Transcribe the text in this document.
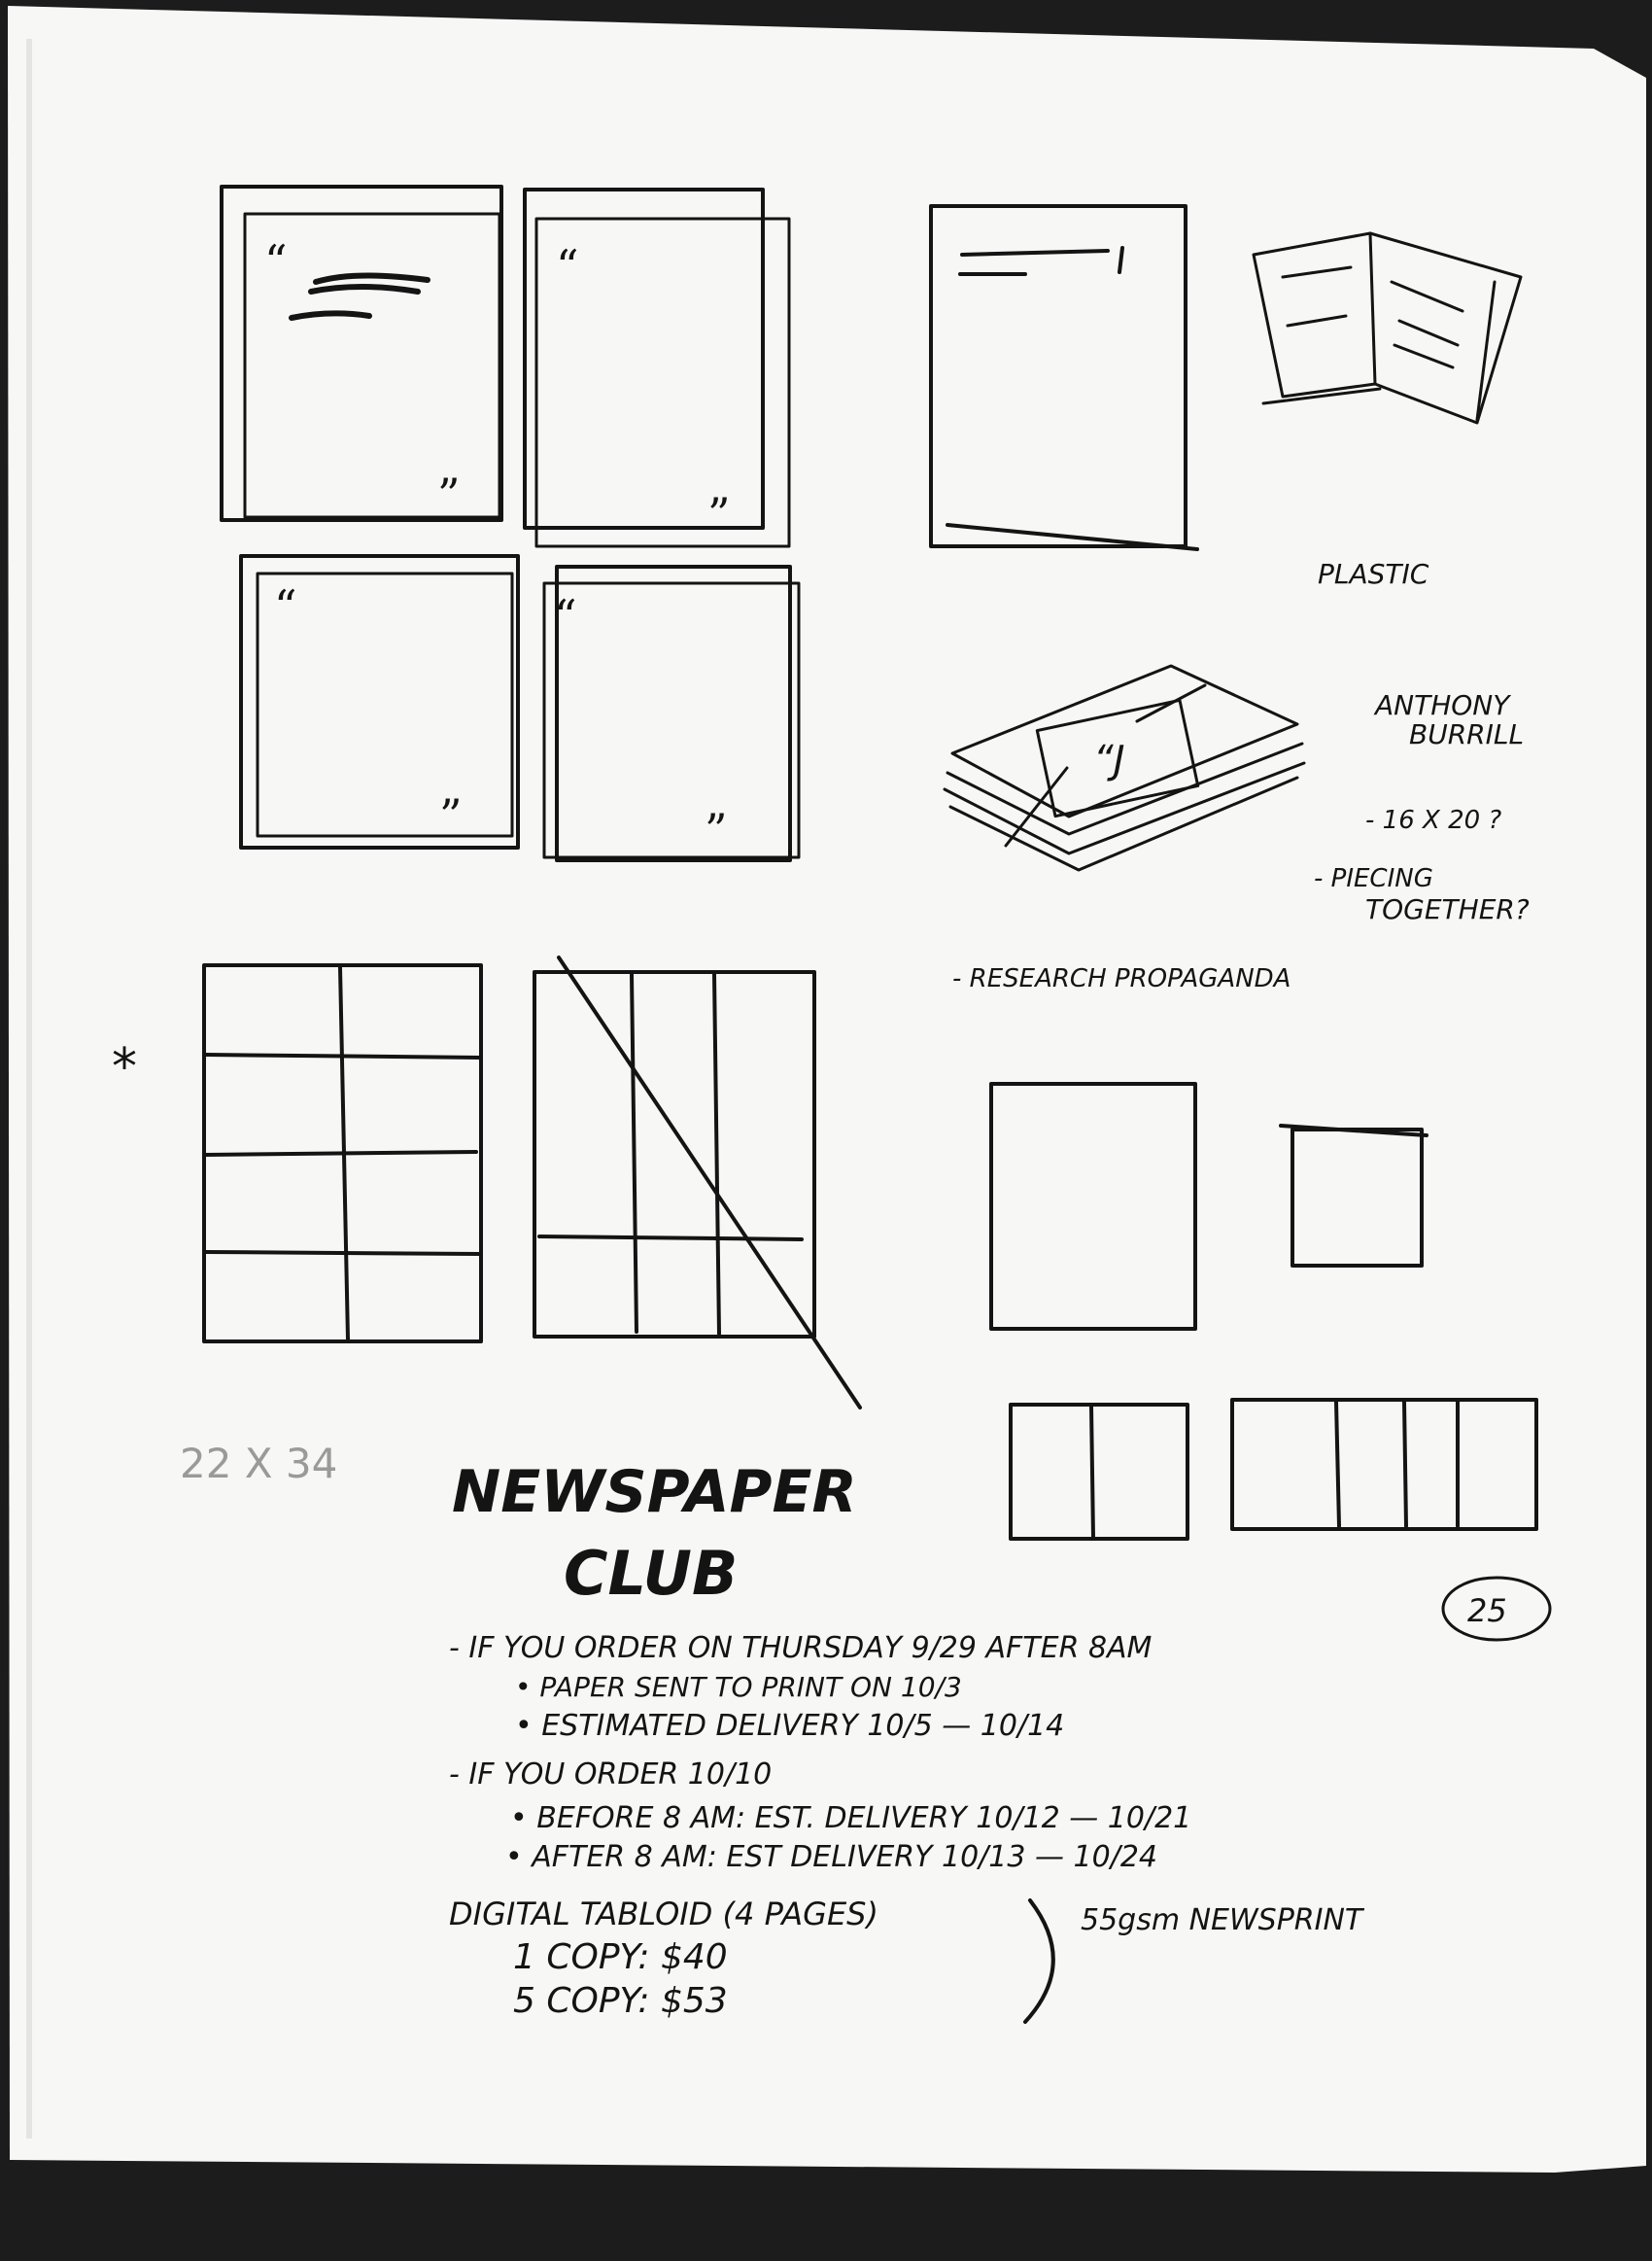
“
”
“
”
“
”
“
”
PLASTIC
“J
ANTHONY
BURRILL
- 16 X 20 ?
- PIECING
TOGETHER?
- RESEARCH PROPAGANDA
*
22 X 34 NEWSPAPER
CLUB
25
- IF YOU ORDER ON THURSDAY 9/29 AFTER 8AM
• PAPER SENT TO PRINT ON 10/3
• ESTIMATED DELIVERY 10/5 — 10/14
- IF YOU ORDER 10/10
• BEFORE 8 AM: EST. DELIVERY 10/12 — 10/21
• AFTER 8 AM: EST DELIVERY 10/13 — 10/24
DIGITAL TABLOID (4 PAGES)
1 COPY: $40
5 COPY: $53
55gsm NEWSPRINT
